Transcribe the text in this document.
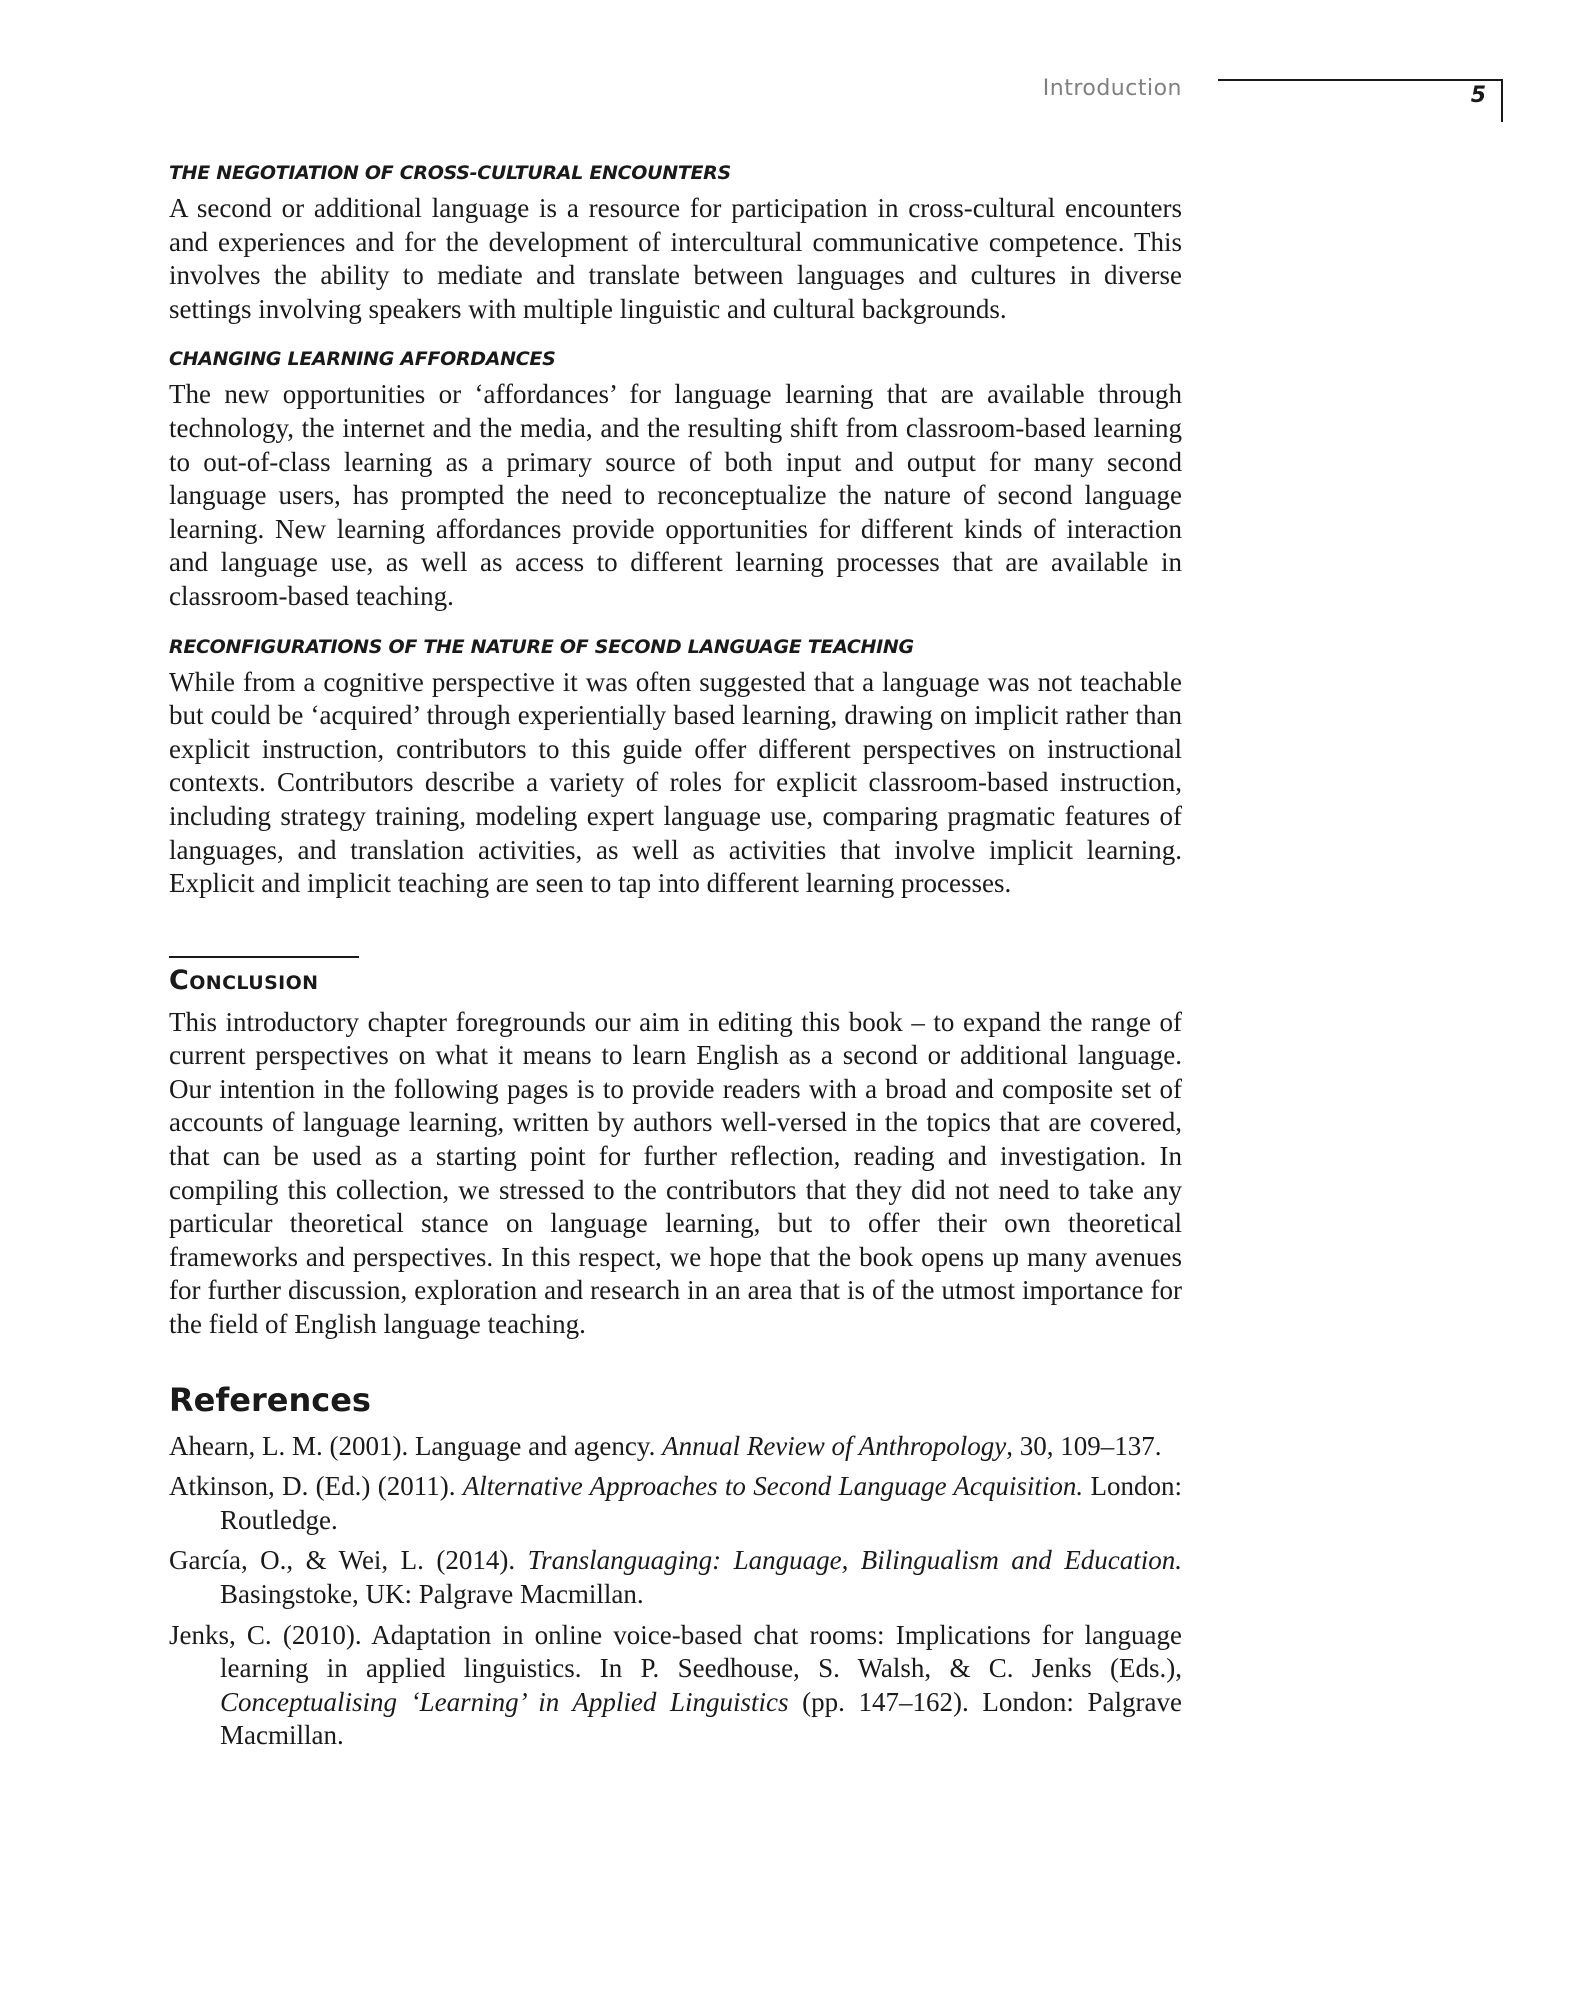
Introduction	5
THE NEGOTIATION OF CROSS-CULTURAL ENCOUNTERS

A second or additional language is a resource for participation in cross-cultural encounters and experiences and for the development of intercultural communicative competence. This involves the ability to mediate and translate between languages and cultures in diverse settings involving speakers with multiple linguistic and cultural backgrounds.

CHANGING LEARNING AFFORDANCES

The new opportunities or ‘affordances’ for language learning that are available through technology, the internet and the media, and the resulting shift from classroom-based learning to out-of-class learning as a primary source of both input and output for many second language users, has prompted the need to reconceptualize the nature of second language learning. New learning affordances provide opportunities for different kinds of interaction and language use, as well as access to different learning processes that are available in classroom-based teaching.

RECONFIGURATIONS OF THE NATURE OF SECOND LANGUAGE TEACHING

While from a cognitive perspective it was often suggested that a language was not teachable but could be ‘acquired’ through experientially based learning, drawing on implicit rather than explicit instruction, contributors to this guide offer different perspectives on instructional contexts. Contributors describe a variety of roles for explicit classroom-based instruction, including strategy training, modeling expert language use, comparing pragmatic features of languages, and translation activities, as well as activities that involve implicit learning. Explicit and implicit teaching are seen to tap into different learning processes.

Conclusion

This introductory chapter foregrounds our aim in editing this book – to expand the range of current perspectives on what it means to learn English as a second or additional language. Our intention in the following pages is to provide readers with a broad and composite set of accounts of language learning, written by authors well-versed in the topics that are covered, that can be used as a starting point for further reflection, reading and investigation. In compiling this collection, we stressed to the contributors that they did not need to take any particular theoretical stance on language learning, but to offer their own theoretical frameworks and perspectives. In this respect, we hope that the book opens up many avenues for further discussion, exploration and research in an area that is of the utmost importance for the field of English language teaching.

References

Ahearn, L. M. (2001). Language and agency. Annual Review of Anthropology, 30, 109–137.

Atkinson, D. (Ed.) (2011). Alternative Approaches to Second Language Acquisition. London: Routledge.

García, O., & Wei, L. (2014). Translanguaging: Language, Bilingualism and Education. Basingstoke, UK: Palgrave Macmillan.

Jenks, C. (2010). Adaptation in online voice-based chat rooms: Implications for language learning in applied linguistics. In P. Seedhouse, S. Walsh, & C. Jenks (Eds.), Conceptualising ‘Learning’ in Applied Linguistics (pp. 147–162). London: Palgrave Macmillan.
